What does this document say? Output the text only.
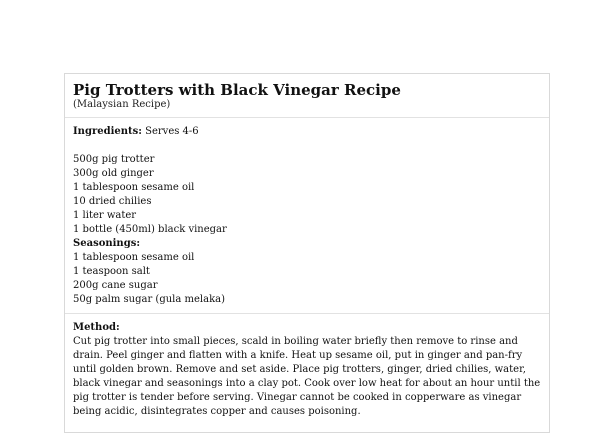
Pig Trotters with Black Vinegar Recipe

(Malaysian Recipe)

Ingredients: Serves 4-6
500g pig trotter
300g old ginger
1 tablespoon sesame oil
10 dried chilies
1 liter water
1 bottle (450ml) black vinegar
Seasonings:
1 tablespoon sesame oil
1 teaspoon salt
200g cane sugar
50g palm sugar (gula melaka)
Method:

Cut pig trotter into small pieces, scald in boiling water briefly then remove to rinse and drain. Peel ginger and flatten with a knife. Heat up sesame oil, put in ginger and pan-fry until golden brown. Remove and set aside. Place pig trotters, ginger, dried chilies, water, black vinegar and seasonings into a clay pot. Cook over low heat for about an hour until the pig trotter is tender before serving. Vinegar cannot be cooked in copperware as vinegar being acidic, disintegrates copper and causes poisoning.
